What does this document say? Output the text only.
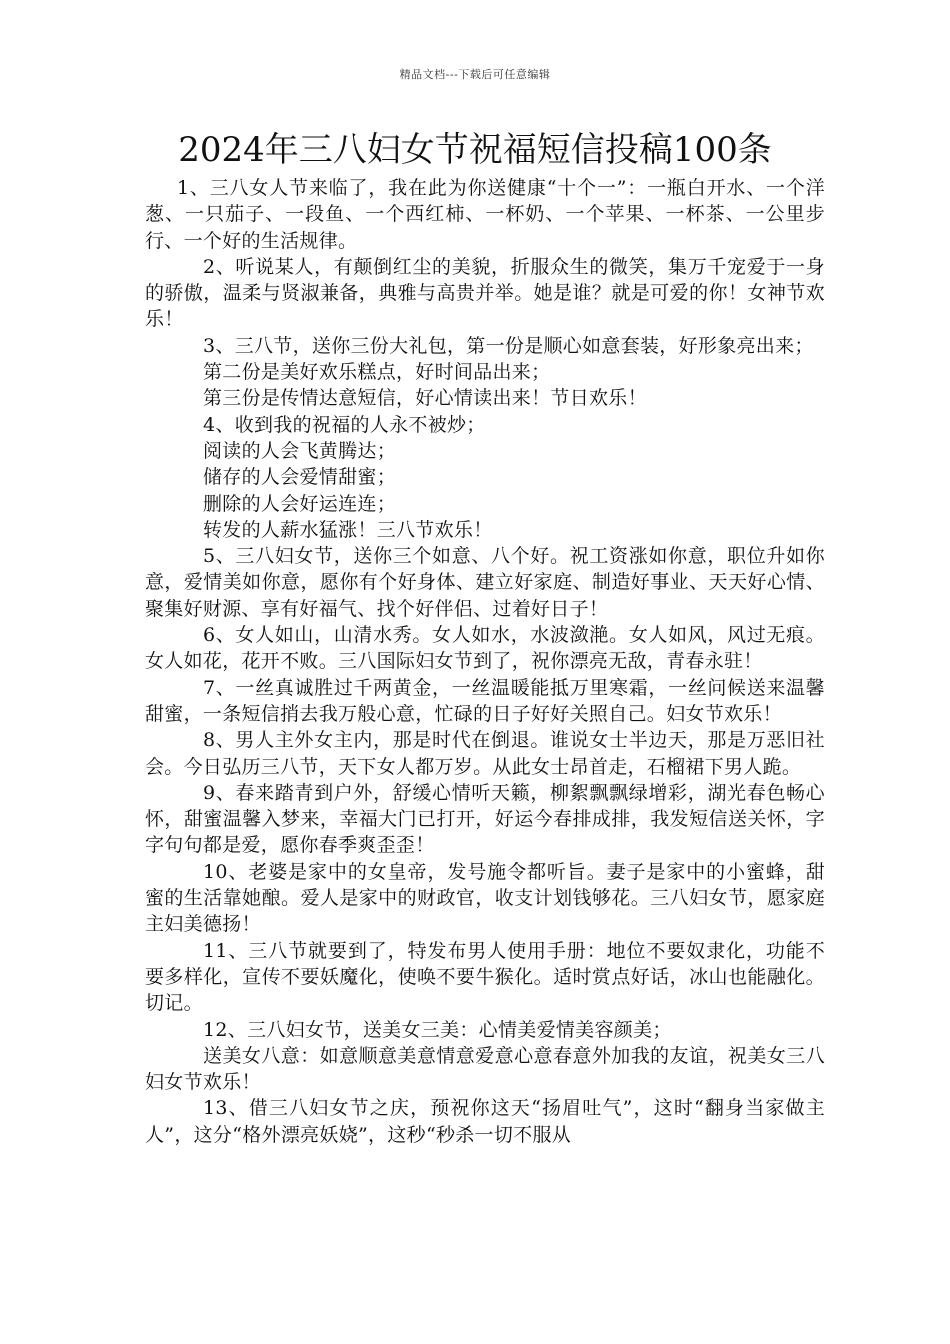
精品文档---下载后可任意编辑
2024年三八妇女节祝福短信投稿100条

1、三八女人节来临了，我在此为你送健康“十个一”：一瓶白开水、一个洋葱、一只茄子、一段鱼、一个西红柿、一杯奶、一个苹果、一杯茶、一公里步行、一个好的生活规律。

2、听说某人，有颠倒红尘的美貌，折服众生的微笑，集万千宠爱于一身的骄傲，温柔与贤淑兼备，典雅与高贵并举。她是谁？就是可爱的你！女神节欢乐！

3、三八节，送你三份大礼包，第一份是顺心如意套装，好形象亮出来；

第二份是美好欢乐糕点，好时间品出来；

第三份是传情达意短信，好心情读出来！节日欢乐！

4、收到我的祝福的人永不被炒；

阅读的人会飞黄腾达；

储存的人会爱情甜蜜；

删除的人会好运连连；

转发的人薪水猛涨！三八节欢乐！

5、三八妇女节，送你三个如意、八个好。祝工资涨如你意，职位升如你意，爱情美如你意，愿你有个好身体、建立好家庭、制造好事业、天天好心情、聚集好财源、享有好福气、找个好伴侣、过着好日子！

6、女人如山，山清水秀。女人如水，水波潋滟。女人如风，风过无痕。女人如花，花开不败。三八国际妇女节到了，祝你漂亮无敌，青春永驻！

7、一丝真诚胜过千两黄金，一丝温暖能抵万里寒霜，一丝问候送来温馨甜蜜，一条短信捎去我万般心意，忙碌的日子好好关照自己。妇女节欢乐！

8、男人主外女主内，那是时代在倒退。谁说女士半边天，那是万恶旧社会。今日弘历三八节，天下女人都万岁。从此女士昂首走，石榴裙下男人跪。

9、春来踏青到户外，舒缓心情听天籁，柳絮飘飘绿增彩，湖光春色畅心怀，甜蜜温馨入梦来，幸福大门已打开，好运今春排成排，我发短信送关怀，字字句句都是爱，愿你春季爽歪歪！

10、老婆是家中的女皇帝，发号施令都听旨。妻子是家中的小蜜蜂，甜蜜的生活靠她酿。爱人是家中的财政官，收支计划钱够花。三八妇女节，愿家庭主妇美德扬！

11、三八节就要到了，特发布男人使用手册：地位不要奴隶化，功能不要多样化，宣传不要妖魔化，使唤不要牛猴化。适时赏点好话，冰山也能融化。切记。

12、三八妇女节，送美女三美：心情美爱情美容颜美；

送美女八意：如意顺意美意情意爱意心意春意外加我的友谊，祝美女三八妇女节欢乐！

13、借三八妇女节之庆，预祝你这天“扬眉吐气”，这时“翻身当家做主人”，这分“格外漂亮妖娆”，这秒“秒杀一切不服从
